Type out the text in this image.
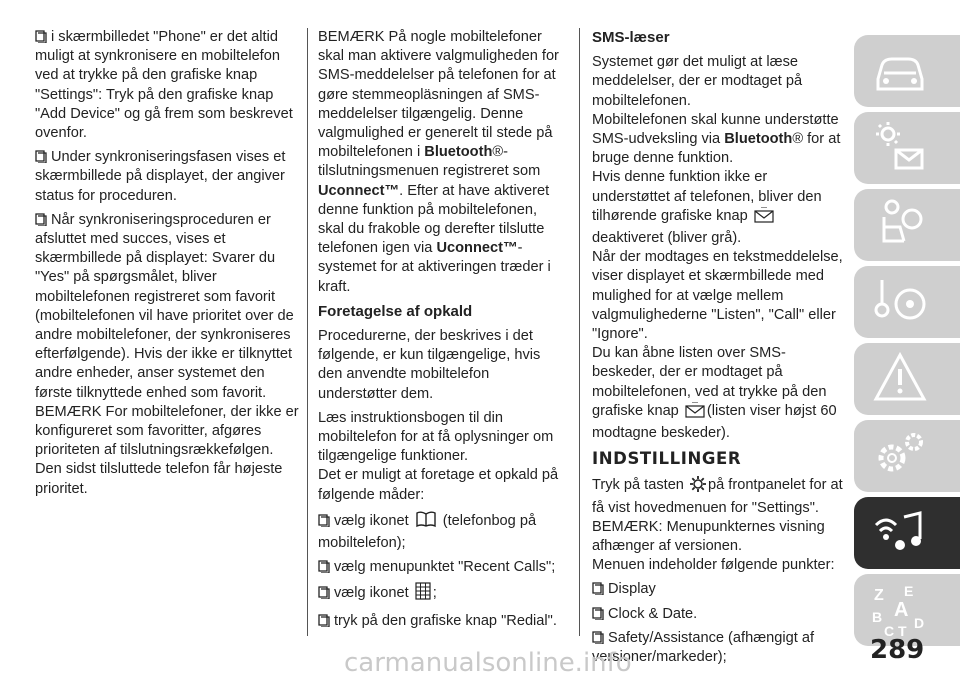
i skærmbilledet "Phone" er det altid muligt at synkronisere en mobiltelefon ved at trykke på den grafiske knap "Settings": Tryk på den grafiske knap "Add Device" og gå frem som beskrevet ovenfor.

Under synkroniseringsfasen vises et skærmbillede på displayet, der angiver status for proceduren.

Når synkroniseringsproceduren er afsluttet med succes, vises et skærmbillede på displayet: Svarer du "Yes" på spørgsmålet, bliver mobiltelefonen registreret som favorit (mobiltelefonen vil have prioritet over de andre mobiltelefoner, der synkroniseres efterfølgende). Hvis der ikke er tilknyttet andre enheder, anser systemet den første tilknyttede enhed som favorit. BEMÆRK For mobiltelefoner, der ikke er konfigureret som favoritter, afgøres prioriteten af tilslutningsrækkefølgen. Den sidst tilsluttede telefon får højeste prioritet.

BEMÆRK På nogle mobiltelefoner skal man aktivere valgmuligheden for SMS-meddelelser på telefonen for at gøre stemmeopläsningen af SMS-meddelelser tilgængelig. Denne valgmulighed er generelt til stede på mobiltelefonen i Bluetooth®-tilslutningsmenuen registreret som Uconnect™. Efter at have aktiveret denne funktion på mobiltelefonen, skal du frakoble og derefter tilslutte telefonen igen via Uconnect™-systemet for at aktiveringen træder i kraft.

Foretagelse af opkald

Procedurerne, der beskrives i det følgende, er kun tilgængelige, hvis den anvendte mobiltelefon understøtter dem.

Læs instruktionsbogen til din mobiltelefon for at få oplysninger om tilgængelige funktioner.

Det er muligt at foretage et opkald på følgende måder:

vælg ikonet (telefonbog på mobiltelefon);

vælg menupunktet "Recent Calls";

vælg ikonet ;

tryk på den grafiske knap "Redial".

SMS-læser

Systemet gør det muligt at læse meddelelser, der er modtaget på mobiltelefonen.

Mobiltelefonen skal kunne understøtte SMS-udveksling via Bluetooth® for at bruge denne funktion.

Hvis denne funktion ikke er understøttet af telefonen, bliver den tilhørende grafiske knap deaktiveret (bliver grå).

Når der modtages en tekstmeddelelse, viser displayet et skærmbillede med mulighed for at vælge mellem valgmulighederne "Listen", "Call" eller "Ignore".

Du kan åbne listen over SMS-beskeder, der er modtaget på mobiltelefonen, ved at trykke på den grafiske knap (listen viser højst 60 modtagne beskeder).

INDSTILLINGER

Tryk på tasten på frontpanelet for at få vist hovedmenuen for "Settings".

BEMÆRK: Menupunkternes visning afhænger af versionen.

Menuen indeholder følgende punkter:

Display

Clock & Date.

Safety/Assistance (afhængigt af versioner/markeder);

Z E
A
B
C T D
289
carmanualsonline.info
